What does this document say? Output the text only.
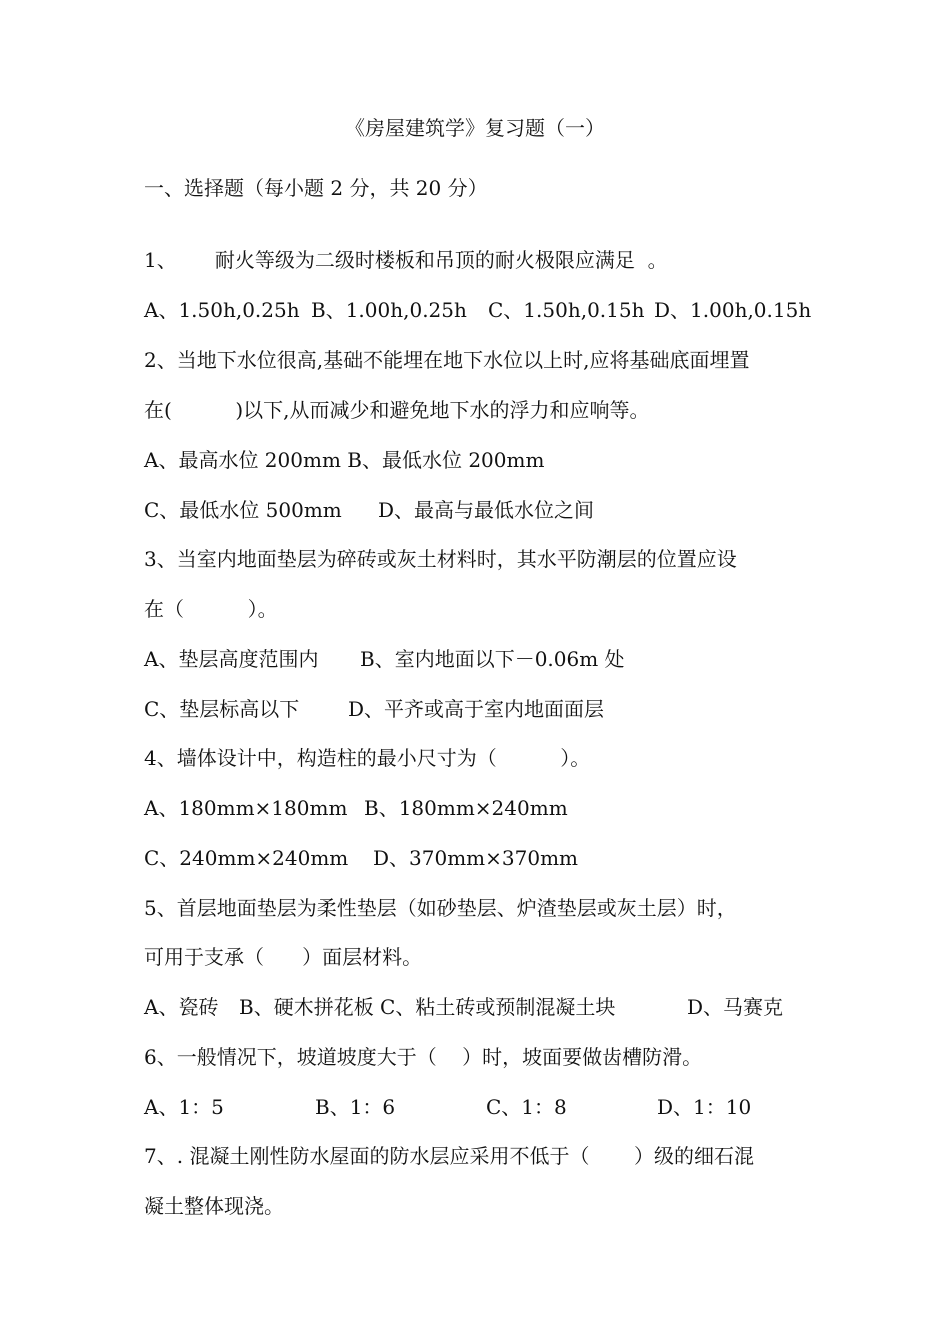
《房屋建筑学》复习题（一）
一、选择题（每小题 2 分，共 20 分）
1、      耐火等级为二级时楼板和吊顶的耐火极限应满足  。
A、1.50h,0.25h B、1.00h,0.25h	C、1.50h,0.15h D、1.00h,0.15h
2、当地下水位很高,基础不能埋在地下水位以上时,应将基础底面埋置
在(          )以下,从而减少和避免地下水的浮力和应响等。
A、最高水位 200mm B、最低水位 200mm
C、最低水位 500mm	D、最高与最低水位之间
3、当室内地面垫层为碎砖或灰土材料时，其水平防潮层的位置应设
在（          ）。
A、垫层高度范围内	B、室内地面以下－0.06m 处
C、垫层标高以下	D、平齐或高于室内地面面层
4、墙体设计中，构造柱的最小尺寸为（          ）。
A、180mm×180mm B、180mm×240mm
C、240mm×240mm	D、370mm×370mm
5、首层地面垫层为柔性垫层（如砂垫层、炉渣垫层或灰土层）时，
可用于支承（      ）面层材料。
A、瓷砖	B、硬木拼花板 C、粘土砖或预制混凝土块	D、马赛克
6、一般情况下，坡道坡度大于（    ）时，坡面要做齿槽防滑。
A、1：5	B、1：6	C、1：8	D、1：10
7、. 混凝土刚性防水屋面的防水层应采用不低于（       ）级的细石混
凝土整体现浇。
